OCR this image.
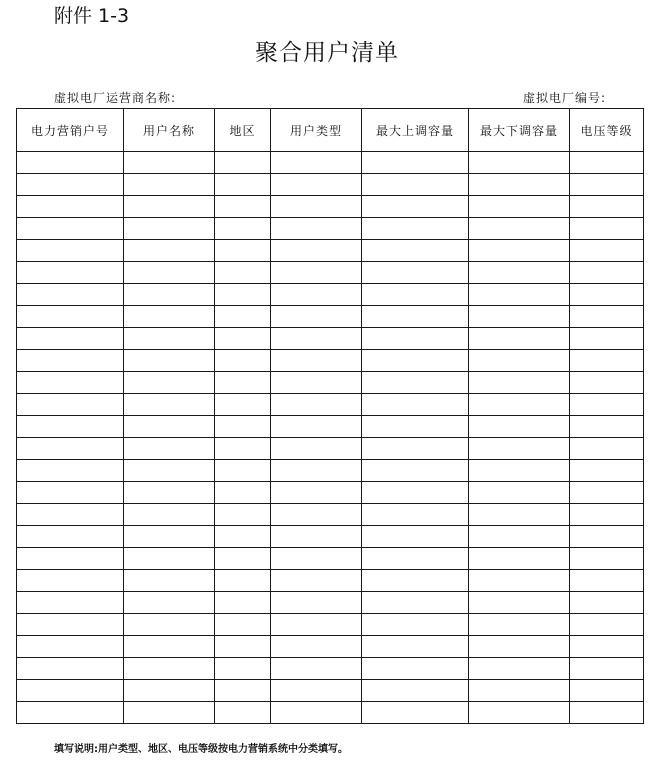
附件 1-3
聚合用户清单
虚拟电厂运营商名称:	虚拟电厂编号:
电力营销户号	用户名称	地区	用户类型	最大上调容量	最大下调容量	电压等级

填写说明:用户类型、地区、电压等级按电力营销系统中分类填写。
